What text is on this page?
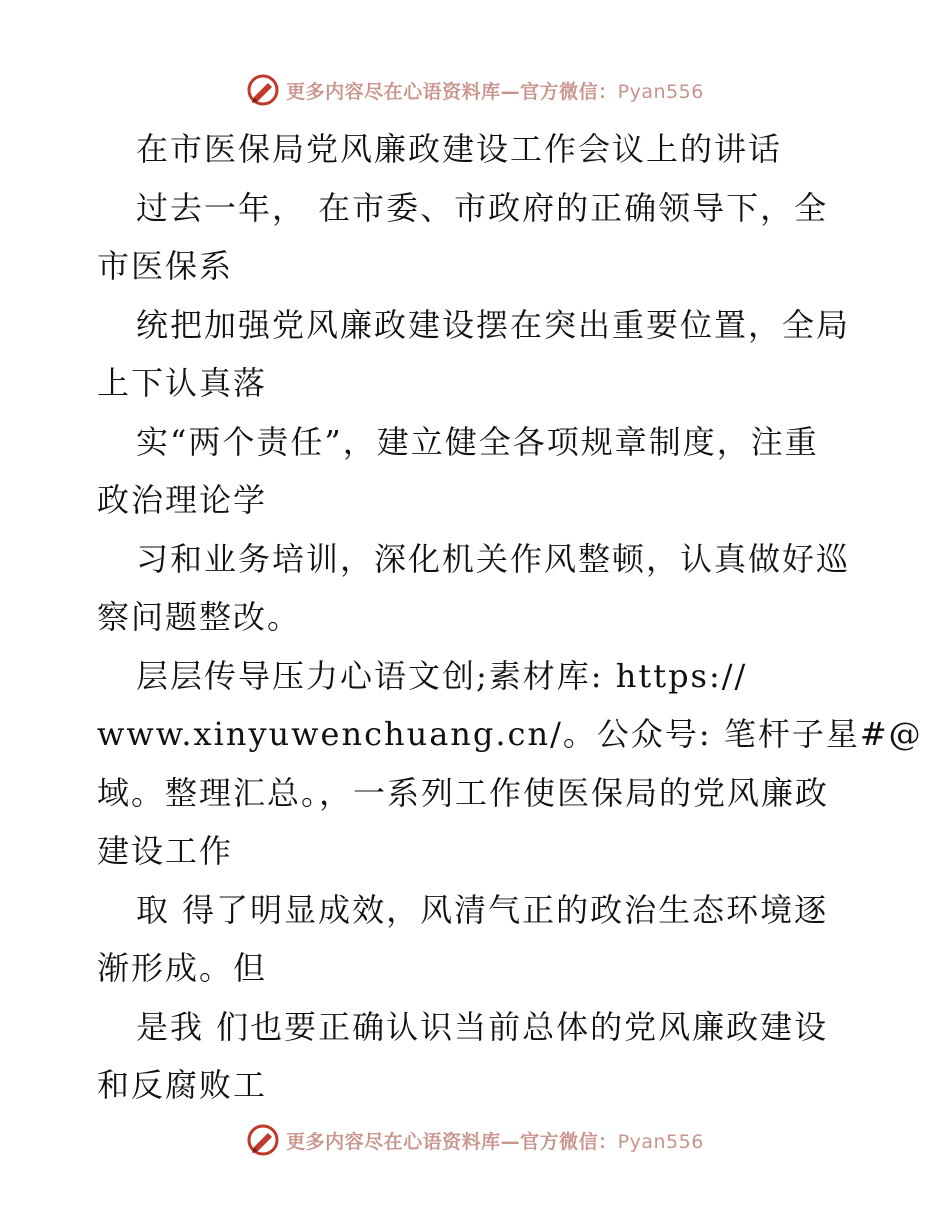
更多内容尽在心语资料库—官方微信：Pyan556
在市医保局党风廉政建设工作会议上的讲话
过去一年， 在市委、市政府的正确领导下，全
市医保系
统把加强党风廉政建设摆在突出重要位置，全局
上下认真落
实“两个责任”，建立健全各项规章制度，注重
政治理论学
习和业务培训，深化机关作风整顿，认真做好巡
察问题整改。
层层传导压力心语文创;素材库: https://
www.xinyuwenchuang.cn/。公众号: 笔杆子星#@
域。整理汇总。，一系列工作使医保局的党风廉政
建设工作
取 得了明显成效，风清气正的政治生态环境逐
渐形成。但
是我 们也要正确认识当前总体的党风廉政建设
和反腐败工
更多内容尽在心语资料库—官方微信：Pyan556
